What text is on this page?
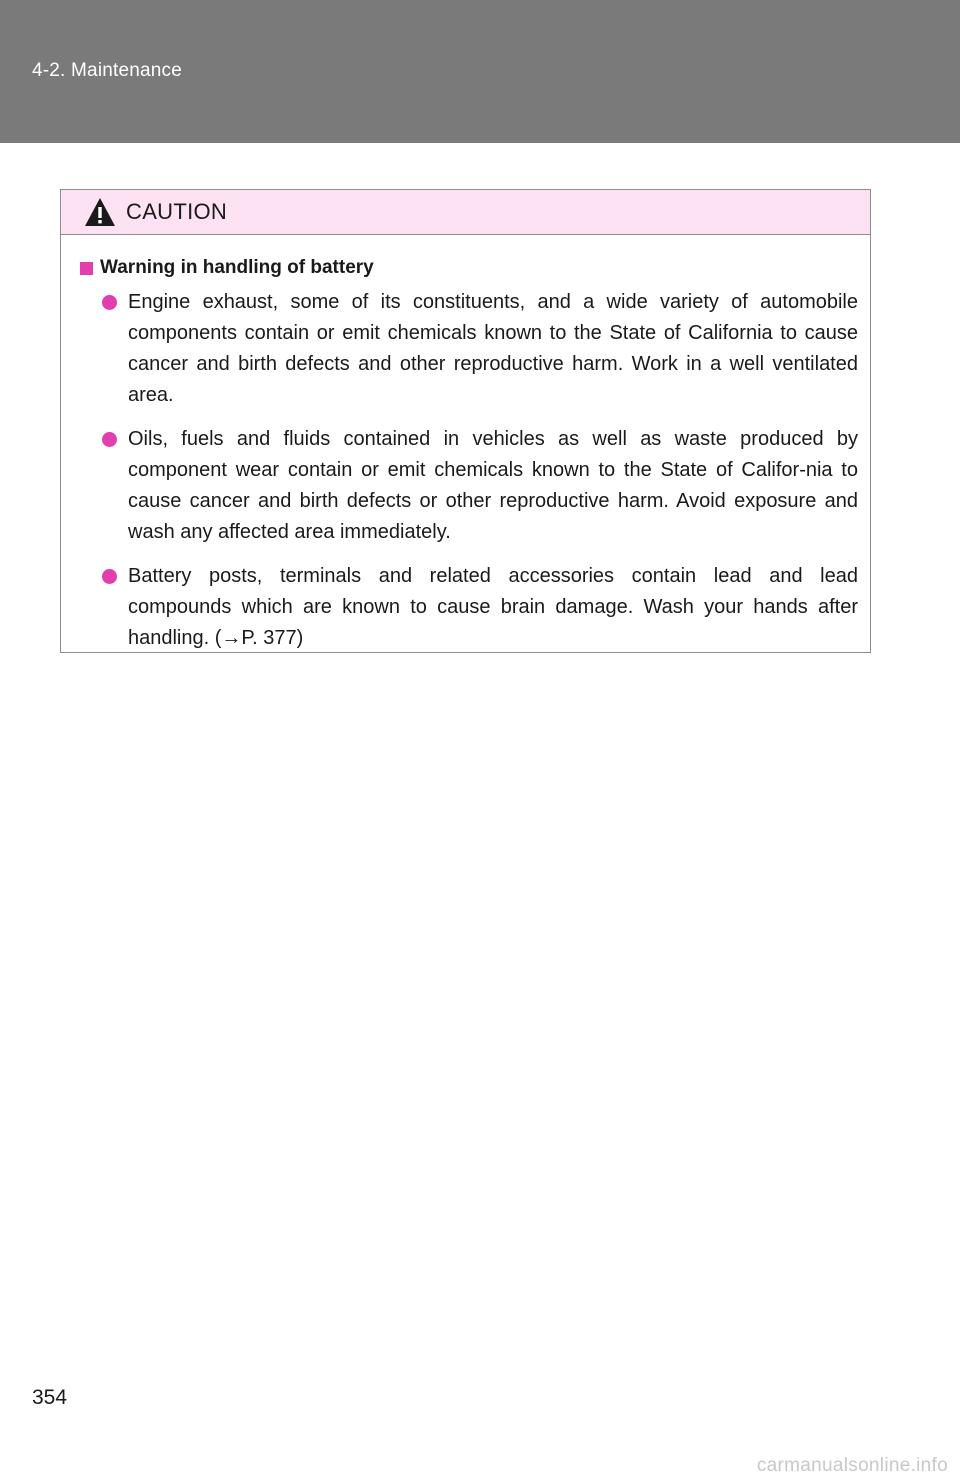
4-2. Maintenance
CAUTION
Warning in handling of battery
Engine exhaust, some of its constituents, and a wide variety of automobile components contain or emit chemicals known to the State of California to cause cancer and birth defects and other reproductive harm. Work in a well ventilated area.
Oils, fuels and fluids contained in vehicles as well as waste produced by component wear contain or emit chemicals known to the State of Califor-nia to cause cancer and birth defects or other reproductive harm. Avoid exposure and wash any affected area immediately.
Battery posts, terminals and related accessories contain lead and lead compounds which are known to cause brain damage. Wash your hands after handling. (→P. 377)
354
carmanualsonline.info
